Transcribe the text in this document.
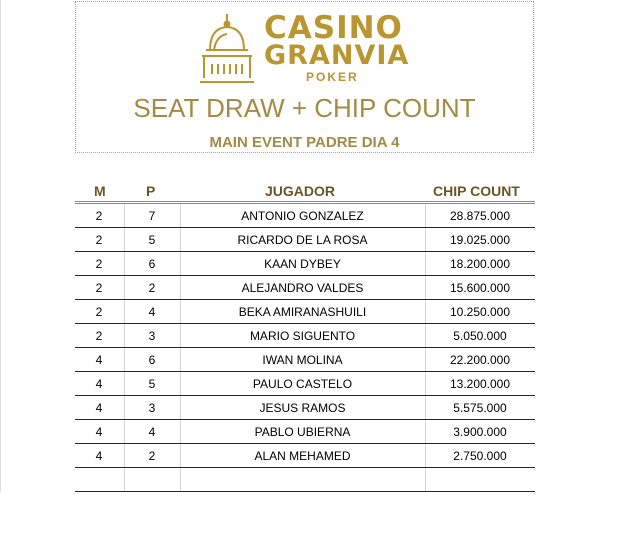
CASINO
GRANVIA
POKER
SEAT DRAW + CHIP COUNT
MAIN EVENT PADRE DIA 4
M	P	JUGADOR	CHIP COUNT
2	7	ANTONIO GONZALEZ	28.875.000
2	5	RICARDO DE LA ROSA	19.025.000
2	6	KAAN DYBEY	18.200.000
2	2	ALEJANDRO VALDES	15.600.000
2	4	BEKA AMIRANASHUILI	10.250.000
2	3	MARIO SIGUENTO	5.050.000
4	6	IWAN MOLINA	22.200.000
4	5	PAULO CASTELO	13.200.000
4	3	JESUS RAMOS	5.575.000
4	4	PABLO UBIERNA	3.900.000
4	2	ALAN MEHAMED	2.750.000
